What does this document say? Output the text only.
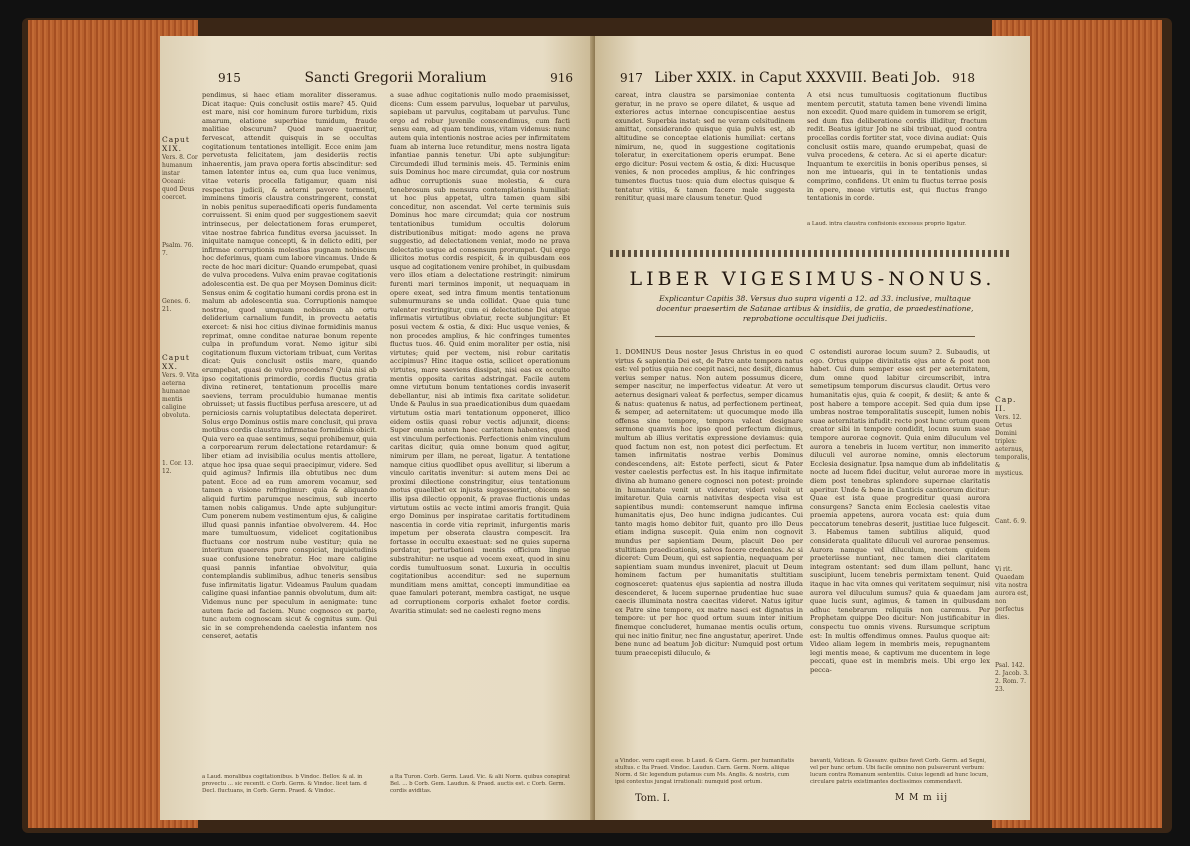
915	Sancti Gregorii Moralium	916
Caput XIX.
Vers. 8. Cor humanum instar Oceani: quod Deus coercet.
Psalm. 76. 7.
Genes. 6. 21.
Caput XX.
Vers. 9. Vita aeterna humanae mentis caligine obvoluta.
1. Cor. 13. 12.
pendimus, si haec etiam moraliter disseramus. Dicat itaque: Quis conclusit ostiis mare? 45. Quid est mare, nisi cor hominum furore turbidum, rixis amarum, elatione superbiae tumidum, fraude malitiae obscurum? Quod mare quaeritur, fervescat, attendit quisquis in se occultas cogitationum tentationes intelligit. Ecce enim jam pervetusta felicitatem, jam desideriis rectis inhaerentis, jam prava opera fortis abscinditur: sed tamen latenter intus ea, cum qua luce venimus, vitae veteris procella fatigamur, quam nisi respectus judicii, & aeterni pavore tormenti, imminens timoris claustra constringerent, constat in nobis penitus superaedificati operis fundamenta corruissent. Si enim quod per suggestionem saevit intrinsecus, per delectationem foras erumperet, vitae nostrae fabrica funditus eversa jacuisset. In iniquitate namque concepti, & in delicto editi, per infirmae corruptionis molestias pugnam nobiscum hoc deferimus, quam cum labore vincamus. Unde & recte de hoc mari dicitur: Quando erumpebat, quasi de vulva procedens. Vulva enim pravae cogitationis adolescentia est. De qua per Moysen Dominus dicit: Sensus enim & cogitatio humani cordis prona est in malum ab adolescentia sua. Corruptionis namque nostrae, quod umquam nobiscum ab ortu deliderium carnalium fundit, in provectu aetatis exercet: & nisi hoc citius divinae formidinis manus reprimat, omne conditae naturae bonum repente culpa in profundum vorat. Nemo igitur sibi cogitationum fluxum victoriam tribuat, cum Veritas dicat: Quis conclusit ostiis mare, quando erumpebat, quasi de vulva procedens? Quia nisi ab ipso cogitationis primordio, cordis fluctus gratia divina retineret, tentationum procellis mare saeviens, terram proculdubio humanae mentis obruisset; ut fassis fluctibus perfusa arescere, ut ad perniciosis carnis voluptatibus delectata deperiret. Solus ergo Dominus ostiis mare conclusit, qui prava motibus cordis claustra infirmatae formidinis obicit. Quia vero ea quae sentimus, sequi prohibemur, quia a corporearum rerum delectatione retardamur: & liber etiam ad invisibilia oculus mentis attollere, atque hoc ipsa quae sequi praecipimur, videre. Sed quid agimus? Infirmis illa obtutibus nec dum patent. Ecce ad ea rum amorem vocamur, sed tamen a visione refringimur: quia & aliquando aliquid furtim parumque nescimus, sub incerto tamen nobis caligamus. Unde apte subjungitur: Cum ponerem nubem vestimentum ejus, & caligine illud quasi pannis infantiae obvolverem. 44. Hoc mare tumultuosum, videlicet cogitationibus fluctuans cor nostrum nube vestitur; quia ne interitum quaerens pure conspiciat, inquietudinis suae confusione tenebratur. Hoc mare caligine quasi pannis infantiae obvolvitur, quia contemplandis sublimibus, adhuc teneris sensibus fuse infirmitatis ligatur. Videamus Paulum quadam caligine quasi infantiae pannis obvolutum, dum ait: Videmus nunc per speculum in aenigmate: tunc autem facie ad faciem. Nunc cognosco ex parte, tunc autem cognoscam sicut & cognitus sum. Qui sic in se comprehendenda caelestia infantem nos censeret, aetatis
a suae adhuc cogitationis nullo modo praemisisset, dicens: Cum essem parvulus, loquebar ut parvulus, sapiebam ut parvulus, cogitabam ut parvulus. Tunc ergo ad robur juvenile conscendimus, cum facti sensu eam, ad quam tendimus, vitam videmus: nunc autem quia intentionis nostrae acies per infirmitatem fuam ab interna luce retunditur, mens nostra ligata infantiae pannis tenetur. Ubi apte subjungitur: Circumdedi illud terminis meis. 45. Terminis enim suis Dominus hoc mare circumdat, quia cor nostrum adhuc corruptionis suae molestia, & cura tenebrosum sub mensura contemplationis humiliat: ut hoc plus appetat, ultra tamen quam sibi conceditur, non ascendat. Vel certe terminis suis Dominus hoc mare circumdat; quia cor nostrum tentationibus tumidum occultis dolorum distributionibus mitigat: modo agens ne prava suggestio, ad delectationem veniat, modo ne prava delectatio usque ad consensum prorumpat. Qui ergo illicitos motus cordis respicit, & in quibusdam eos usque ad cogitationem venire prohibet, in quibusdam vero illos etiam a delectatione restringit: nimirum furenti mari terminos imponit, ut nequaquam in opere exeat, sed intra fimum mentis tentationum submurmurans se unda collidat. Quae quia tunc valenter restringitur, cum ei delectatione Dei atque infirmatis virtutibus obviatur, recte subjungitur: Et posui vectem & ostia, & dixi: Huc usque venies, & non procedes amplius, & hic confringes tumentes fluctus tuos. 46. Quid enim moraliter per ostia, nisi virtutes; quid per vectem, nisi robur caritatis accipimus? Hinc itaque ostia, scilicet operationum virtutes, mare saeviens dissipat, nisi eas ex occulto mentis opposita caritas adstringat. Facile autem omne virtutum bonum tentationes cordis invaserit debellantur, nisi ab intimis fixa caritate solidetur. Unde & Paulus in sua praedicationibus dum quaedam virtutum ostia mari tentationum opponeret, illico eidem ostiis quasi robur vectis adjunxit, dicens: Super omnia autem haec caritatem habentes, quod est vinculum perfectionis. Perfectionis enim vinculum caritas dicitur, quia omne bonum quod agitur, nimirum per illam, ne pereat, ligatur. A tentatione namque citius quodlibet opus avellitur, si liberum a vinculo caritatis invenitur: si autem mens Dei ac proximi dilectione constringitur, eius tentationum motus quaelibet ex injusta suggesserint, obicem se illis ipsa dilectio opponit, & pravae fluctionis undas virtutum ostiis ac vecte intimi amoris frangit. Quia ergo Dominus per inspiratae caritatis fortitudinem nascentia in corde vitia reprimit, infurgentis maris impetum per obserata claustra compescit. Ira fortasse in occultu exaestuat: sed ne quies superna perdatur, perturbationi mentis officium lingue substrahitur: ne usque ad vocem exeat, quod in sinu cordis tumultuosum sonat. Luxuria in occultis cogitationibus accenditur: sed ne supernum munditiam mens amittat, concepti immunditiae ea quae famulari poterant, membra castigat, ne usque ad corruptionem corporis exhalet foetor cordis. Avaritia stimulat: sed ne caelesti regno mens
a Laud. moralibus cogitationibus. b Vindoc. Bellov. & al. in provectu ... sic recentt. c Corb. Germ. & Vindoc. licet tam. d Decl. fluctuans, in Corb. Germ. Praed. & Vindoc.
a Ita Turon. Corb. Germ. Laud. Vic. & alii Norm. quibus conspirat Bel. ... b Corb. Gem. Laudun. & Praed. auctis est. c Corb. Germ. cordis aviditas.
917 Liber XXIX. in Caput XXXVIII. Beati Job. 918
careat, intra claustra se parsimoniae contenta geratur, in ne pravo se opere dilatet, & usque ad exteriores actus internae concupiscentiae aestus exundet. Superbia instat: sed ne veram celsitudinem amittat, considerando quisque quia pulvis est, ab altitudine se conceptae elationis humiliat: certans nimirum, ne, quod in suggestione cogitationis toleratur, in exercitationem operis erumpat. Bene ergo dicitur: Posui vectem & ostia, & dixi: Hucusque venies, & non procedes amplius, & hic confringes tumentes fluctus tuos: quia dum electus quisque & tentatur vitiis, & tamen facere male suggesta renititur, quasi mare clausum tenetur. Quod
A etsi ncus tumultuosis cogitationum fluctibus mentem percutit, statuta tamen bene vivendi limina non excedit. Quod mare quidem in tumorem se erigit, sed dum fixa deliberatione cordis illiditur, fractum redit. Beatus igitur Job ne sibi tribuat, quod contra procellas cordis fortiter stat, voce divina audiat: Quis conclusit ostiis mare, quando erumpebat, quasi de vulva procedens, & cetera. Ac si ei aperte dicatur: Inquantum te exercitiis in bonis operibus penses, si non me intuearis, qui in te tentationis undas comprimo, confidens. Ut enim tu fluctus terrae posis in opere, meae virtutis est, qui fluctus frango tentationis in corde.
a Laud. intra claustra confisionis excessus proprio ligatur.
LIBER VIGESIMUS-NONUS.
Explicantur Capitis 38. Versus duo supra vigenti a 12. ad 33. inclusive, multaque docentur praesertim de Satanae artibus & insidiis, de gratia, de praedestinatione, reprobatione occultisque Dei judiciis.
1. DOMINUS Deus noster Jesus Christus in eo quod virtus & sapientia Dei est, de Patre ante tempora natus est: vel potius quia nec coepit nasci, nec desiit, dicamus verius semper natus. Non autem possumus dicere, semper nascitur, ne imperfectus videatur. At vero ut aeternus designari valeat & perfectus, semper dicamus & natus: quatenus & natus, ad perfectionem pertineat, & semper, ad aeternitatem: ut quocumque modo illa offensa sine tempore, tempora valeat designare sermone quamvis hoc ipso quod perfectum dicimus, multum ab illius veritatis expressione deviamus: quia quod factum non est, non potest dici perfectum. Et tamen infirmitatis nostrae verbis Dominus condescendens, ait: Estote perfecti, sicut & Pater vester caelestis perfectus est. In his itaque infirmitate divina ab humano genere cognosci non potest: proinde in humanitate venit ut videretur, videri voluit ut imitaretur. Quia carnis nativitas despecta visa est sapientibus mundi: contemserunt namque infirma humanitatis ejus, Deo hunc indigna judicantes. Cui tanto magis homo debitor fuit, quanto pro illo Deus etiam indigna suscepit. Quia enim non cognovit mundus per sapientiam Deum, placuit Deo per stultitiam praedicationis, salvos facere credentes. Ac si diceret: Cum Deum, qui est sapientia, nequaquam per sapientiam suam mundus inveniret, placuit ut Deum hominem factum per humanitatis stultitiam cognosceret: quatenus ejus sapientia ad nostra illuda descenderet, & lucem supernae prudentiae huc suae caecis illuminata nostra caecitas videret. Natus igitur ex Patre sine tempore, ex matre nasci est dignatus in tempore: ut per hoc quod ortum suum inter initium finemque concluderet, humanae mentis oculis ortum, qui nec initio finitur, nec fine angustatur, aperiret. Unde bene nunc ad beatum Job dicitur: Numquid post ortum tuum praecepisti diluculo, &
C ostendisti aurorae locum suum? 2. Subaudis, ut ego. Ortus quippe divinitatis ejus ante & post non habet. Cui dum semper esse est per aeternitatem, dum omne quod labitur circumscribit, intra semetipsum temporum discursus claudit. Ortus vero humanitatis ejus, quia & coepit, & desiit; & ante & post habere a tempore accepit. Sed quia dum ipse umbras nostrae temporalitatis suscepit, lumen nobis suae aeternitatis infudit: recte post hunc ortum quem creator sibi in tempore condidit, locum suum suae tempore aurorae cognovit. Quia enim diluculum vel aurora a tenebris in lucem vertitur, non immerito diluculi vel aurorae nomine, omnis electorum Ecclesia designatur. Ipsa namque dum ab infidelitatis nocte ad lucem fidei ducitur, velut aurorae more in diem post tenebras splendore supernae claritatis aperitur. Unde & bene in Canticis canticorum dicitur: Quae est ista quae progreditur quasi aurora consurgens? Sancta enim Ecclesia caelestis vitae praemia appetens, aurora vocata est: quia dum peccatorum tenebras deserit, justitiae luce fulgescit. 3. Habemus tamen subtilius aliquid, quod considerata qualitate diluculi vel aurorae pensemus. Aurora namque vel diluculum, noctem quidem praeteriisse nuntiant, nec tamen diei claritatem integram ostentant: sed dum illam pellunt, hanc suscipiunt, lucem tenebris permixtam tenent. Quid itaque in hac vita omnes qui veritatem sequimur, nisi aurora vel diluculum sumus? quia & quaedam jam quae lucis sunt, agimus, & tamen in quibusdam adhuc tenebrarum reliquiis non caremus. Per Prophetam quippe Deo dicitur: Non justificabitur in conspectu tuo omnis vivens. Rursumque scriptum est: In multis offendimus omnes. Paulus quoque ait: Video aliam legem in membris meis, repugnantem legi mentis meae, & captivum me ducentem in lege peccati, quae est in membris meis. Ubi ergo lex pecca-
Cap. II.
Vers. 12. Ortus Domini triplex: aeternus, temporalis, & mysticus.
Cant. 6. 9.
Vi rit. Quaedam vita nostra aurora est, non perfectus dies.
Psal. 142. 2. Jacob. 3. 2. Rom. 7. 23.
a Vindoc. vero capit esse. b Laud. & Carn. Germ. per humanitatis stultus. c Ita Praed. Vindoc. Laudun. Carn. Germ. Norm. aliique Norm. d Sic legendum putamus cum Ms. Anglis. & nostris, cum ipsi contextus jungat irrationali: numquid post ortum.
bavanti, Vatican. & Gussanv. quibus favet Corb. Germ. ad Segni, vel per hunc ortum. Ubi facile omnino non pulsaverunt verbum: lucum contra Romanum sententiis. Cuius legendi ad hunc locum, circulare patris existimantes doctissimos commendavit.
Tom. I.	M M m iij
